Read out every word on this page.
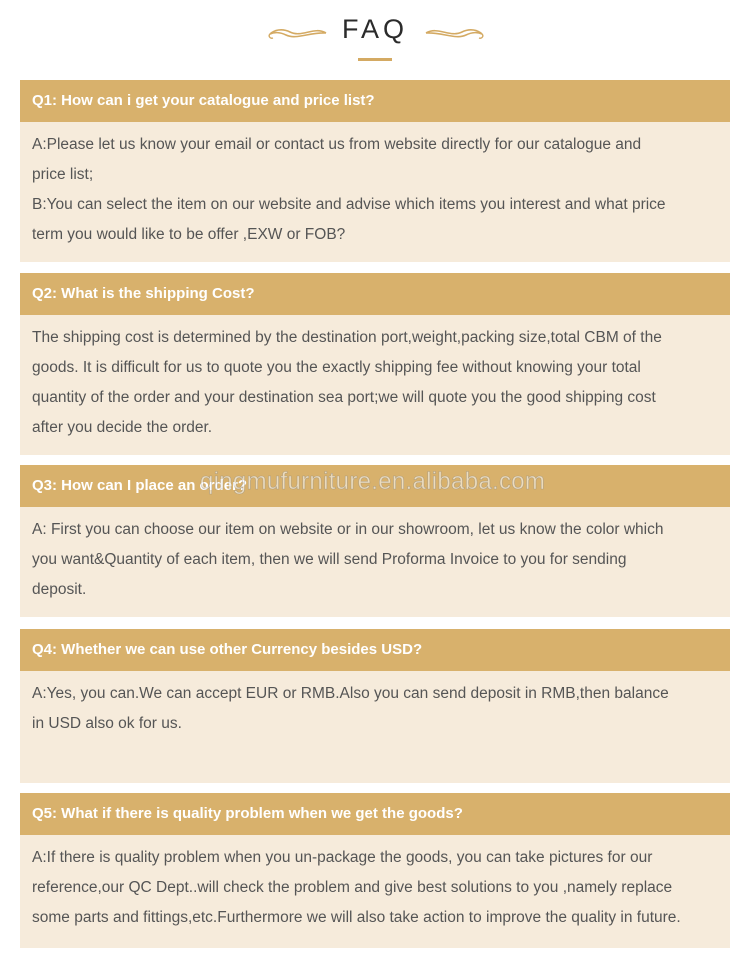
FAQ
Q1: How can i get your catalogue and price list?
A:Please let us know your email or contact us from website directly for our catalogue and
price list;
B:You can select the item on our website and advise which items you interest and what price
term you would like to be offer ,EXW or FOB?
Q2: What is the shipping Cost?
The shipping cost is determined by the destination port,weight,packing size,total CBM of the
goods. It is difficult for us to quote you the exactly shipping fee without knowing your total
quantity of the order and your destination sea port;we will quote you the good shipping cost
after you decide the order.
Q3: How can I place an order?
A: First you can choose our item on website or in our showroom, let us know the color which
you want&Quantity of each item, then we will send Proforma Invoice to you for sending
deposit.
Q4: Whether we can use other Currency besides USD?
A:Yes, you can.We can accept EUR or RMB.Also you can send deposit in RMB,then balance
in USD also ok for us.
Q5: What if there is quality problem when we get the goods?
A:If there is quality problem when you un-package the goods, you can take pictures for our
reference,our QC Dept..will check the problem and give best solutions to you ,namely replace
some parts and fittings,etc.Furthermore we will also take action to improve the quality in future.
qingmufurniture.en.alibaba.com
